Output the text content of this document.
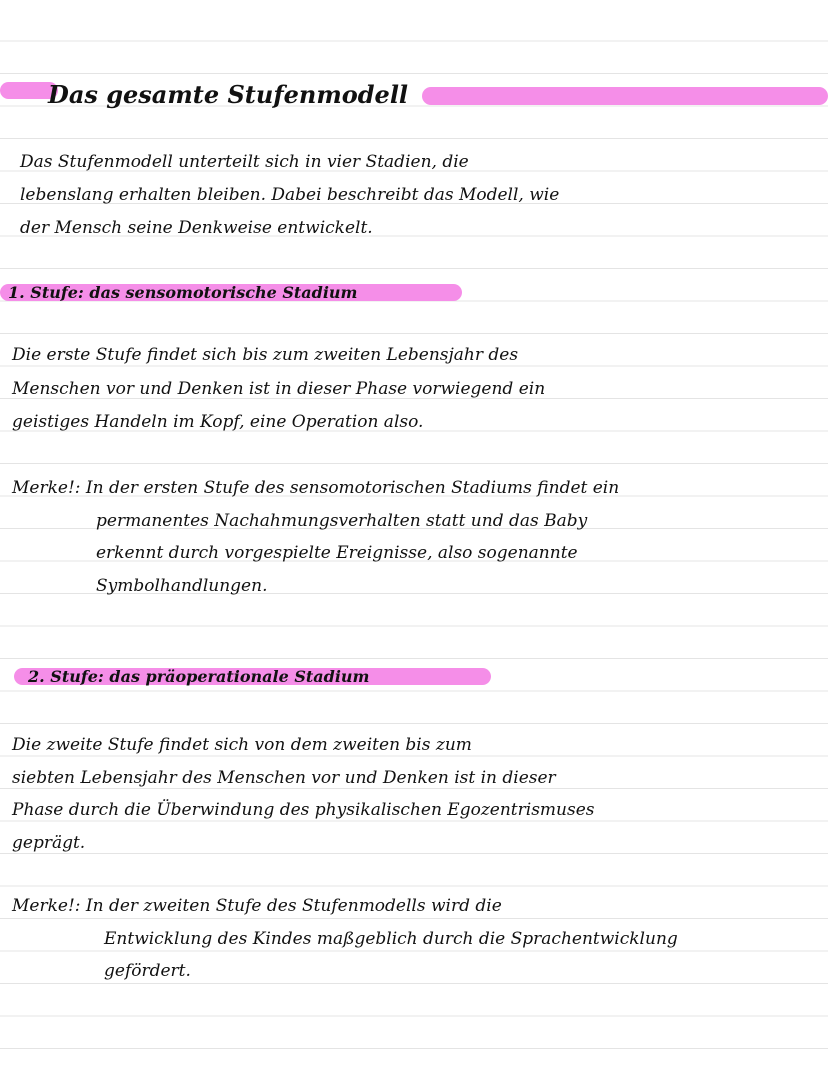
Das gesamte Stufenmodell

Das Stufenmodell unterteilt sich in vier Stadien, die

lebenslang erhalten bleiben. Dabei beschreibt das Modell, wie

der Mensch seine Denkweise entwickelt.

1. Stufe: das sensomotorische Stadium

Die erste Stufe findet sich bis zum zweiten Lebensjahr des

Menschen vor und Denken ist in dieser Phase vorwiegend ein

geistiges Handeln im Kopf, eine Operation also.

Merke!: In der ersten Stufe des sensomotorischen Stadiums findet ein

permanentes Nachahmungsverhalten statt und das Baby

erkennt durch vorgespielte Ereignisse, also sogenannte

Symbolhandlungen.

2. Stufe: das präoperationale Stadium

Die zweite Stufe findet sich von dem zweiten bis zum

siebten Lebensjahr des Menschen vor und Denken ist in dieser

Phase durch die Überwindung des physikalischen Egozentrismuses

geprägt.

Merke!: In der zweiten Stufe des Stufenmodells wird die

Entwicklung des Kindes maßgeblich durch die Sprachentwicklung

gefördert.
